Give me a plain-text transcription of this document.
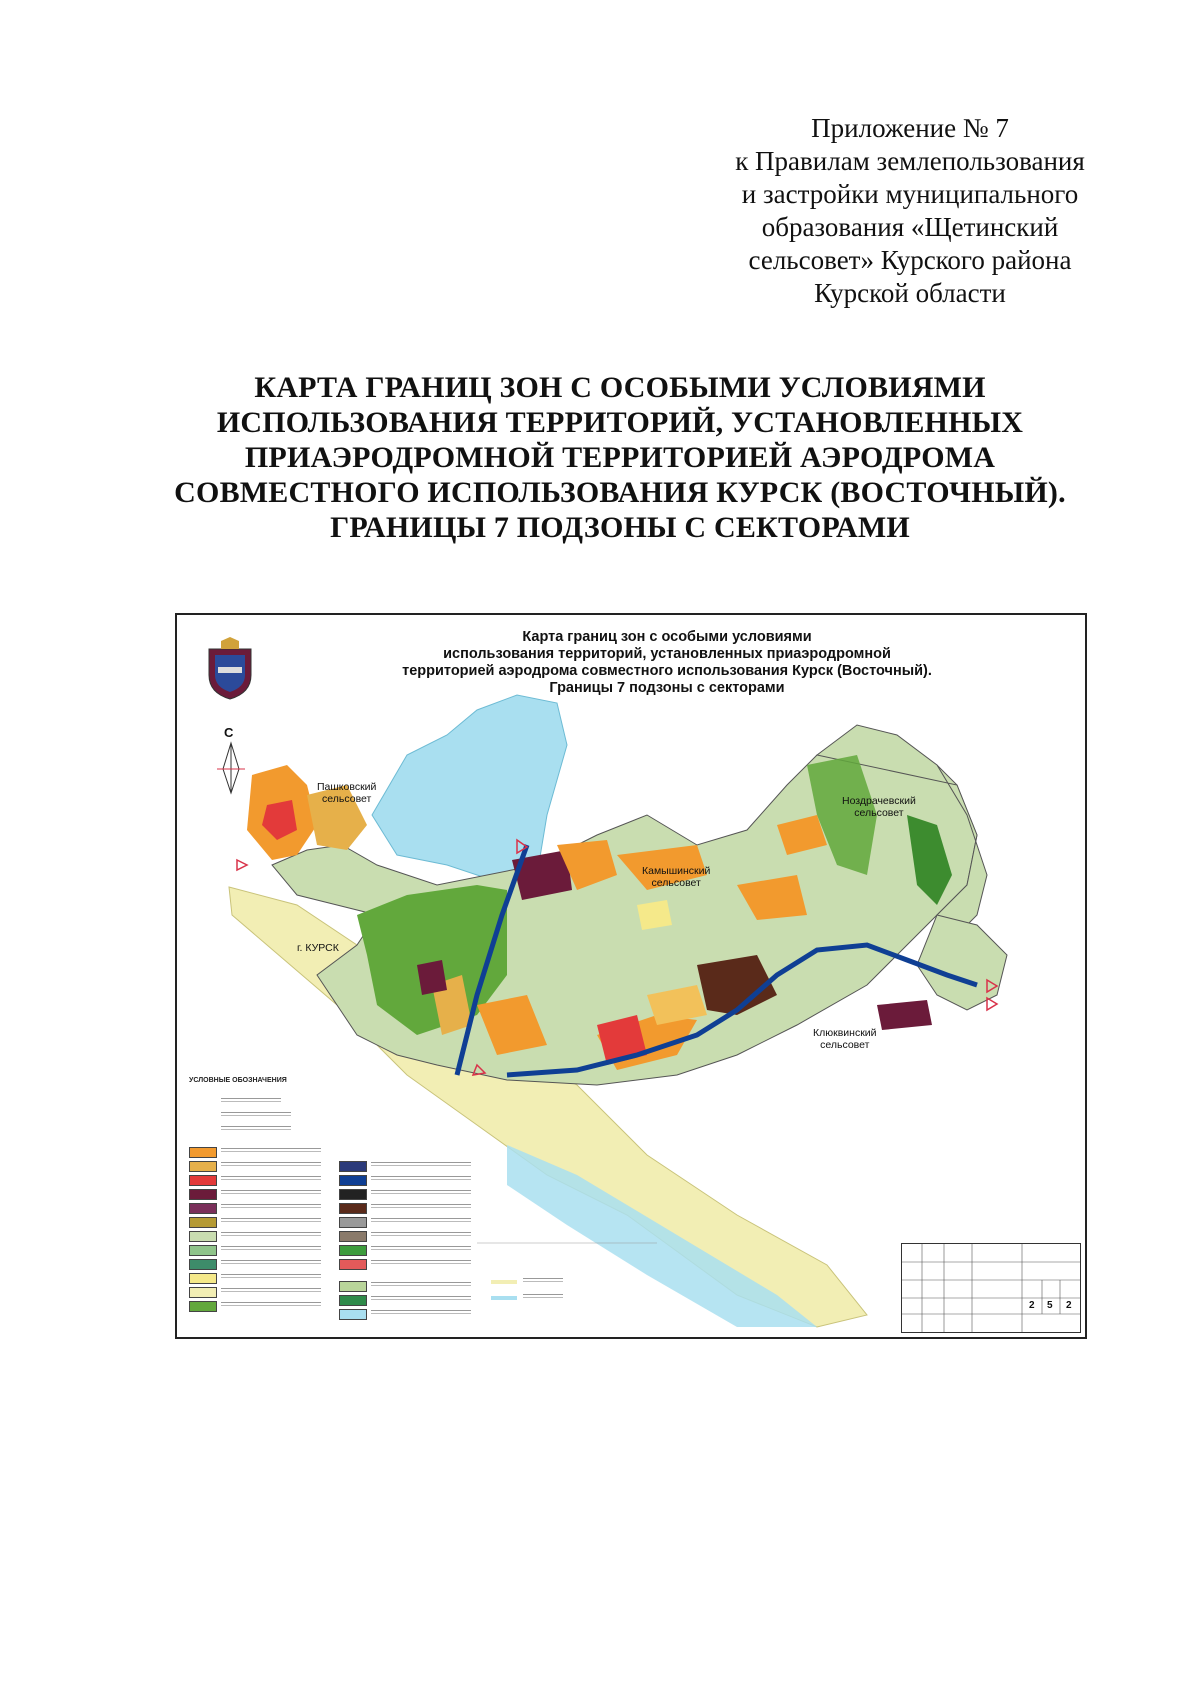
Приложение № 7
к Правилам землепользования
и застройки муниципального
образования «Щетинский
сельсовет» Курского района
Курской области
КАРТА ГРАНИЦ ЗОН С ОСОБЫМИ УСЛОВИЯМИ
ИСПОЛЬЗОВАНИЯ ТЕРРИТОРИЙ, УСТАНОВЛЕННЫХ
ПРИАЭРОДРОМНОЙ ТЕРРИТОРИЕЙ АЭРОДРОМА
СОВМЕСТНОГО ИСПОЛЬЗОВАНИЯ КУРСК (ВОСТОЧНЫЙ).
ГРАНИЦЫ 7 ПОДЗОНЫ С СЕКТОРАМИ
Карта границ зон с особыми условиями
использования территорий, установленных приаэродромной
территорией аэродрома совместного использования Курск (Восточный).
Границы 7 подзоны с секторами
С
Пашковский
сельсовет	Ноздрачевский
сельсовет
Камышинский
сельсовет
г. КУРСК
Клюквинский
сельсовет
УСЛОВНЫЕ ОБОЗНАЧЕНИЯ
2 5 2
